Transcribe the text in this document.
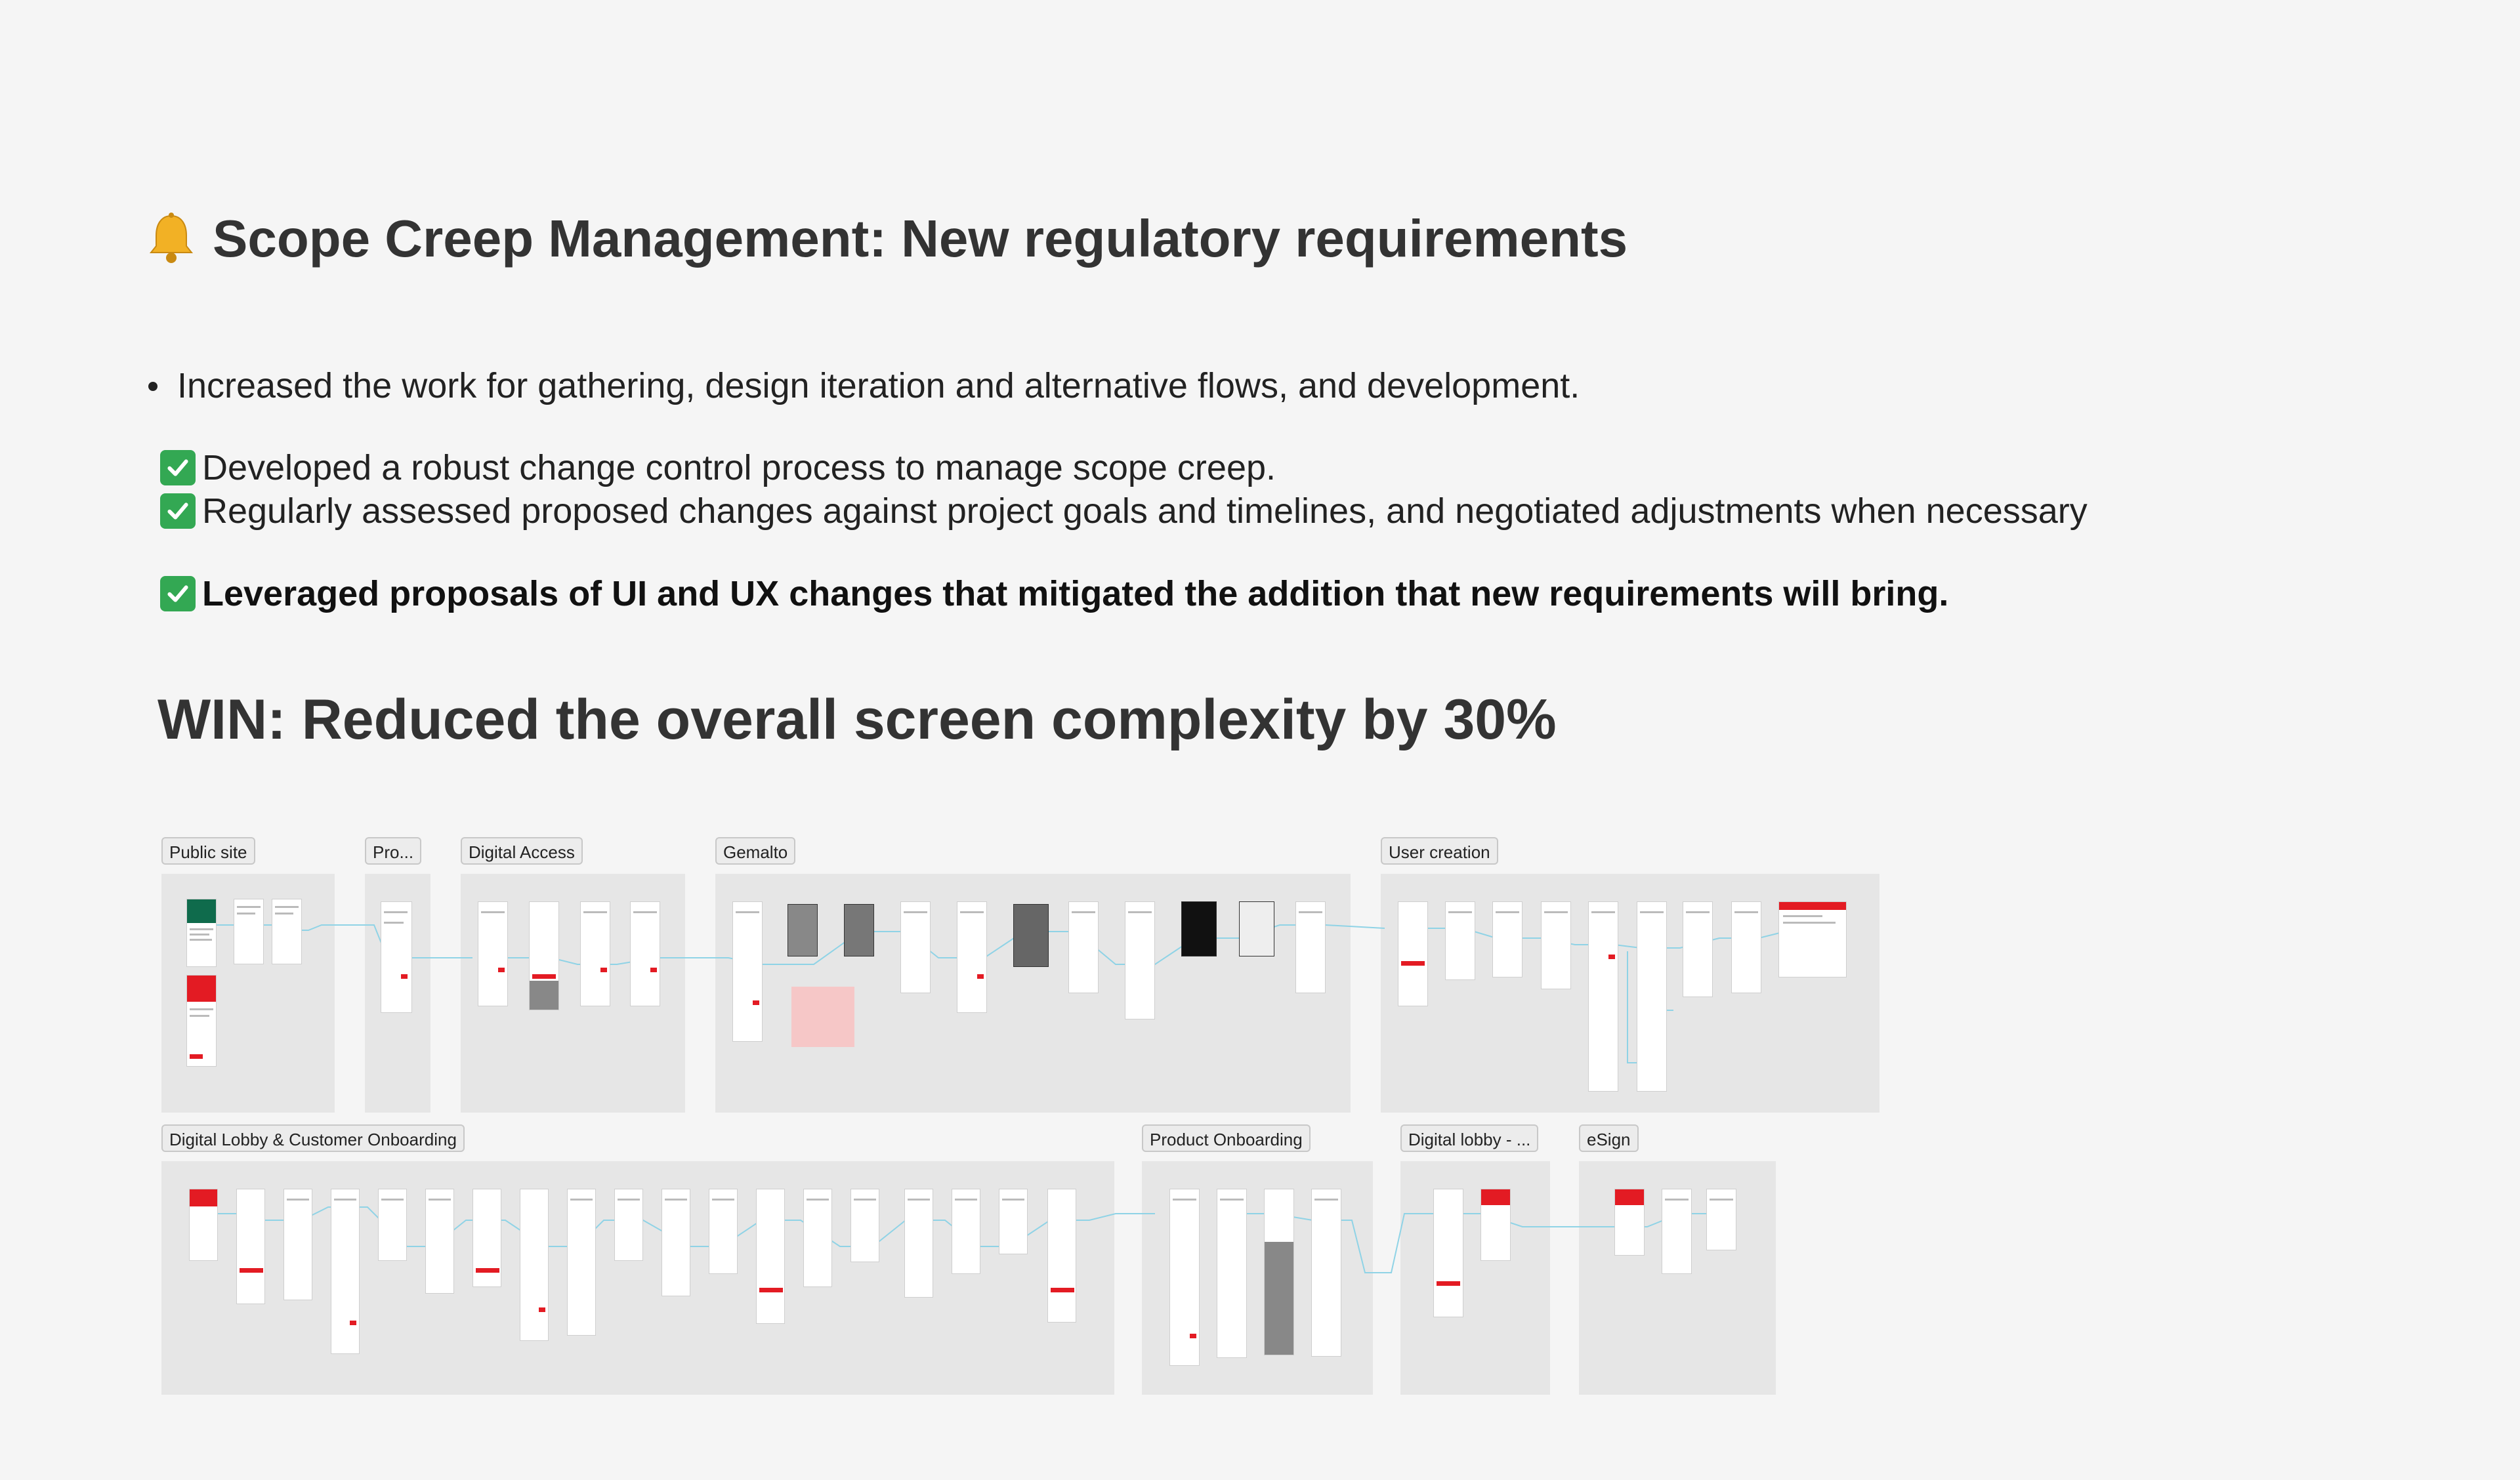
Scope Creep Management: New regulatory requirements
Increased the work for gathering, design iteration and alternative flows, and development.
Developed a robust change control process to manage scope creep.
Regularly assessed proposed changes against project goals and timelines, and negotiated adjustments when necessary
Leveraged proposals of UI and UX changes that mitigated the addition that new requirements will bring.
WIN: Reduced the overall screen complexity by 30%
Public site	Pro...	Digital Access	Gemalto	User creation
Digital Lobby & Customer Onboarding	Product Onboarding	Digital lobby - ...	eSign
